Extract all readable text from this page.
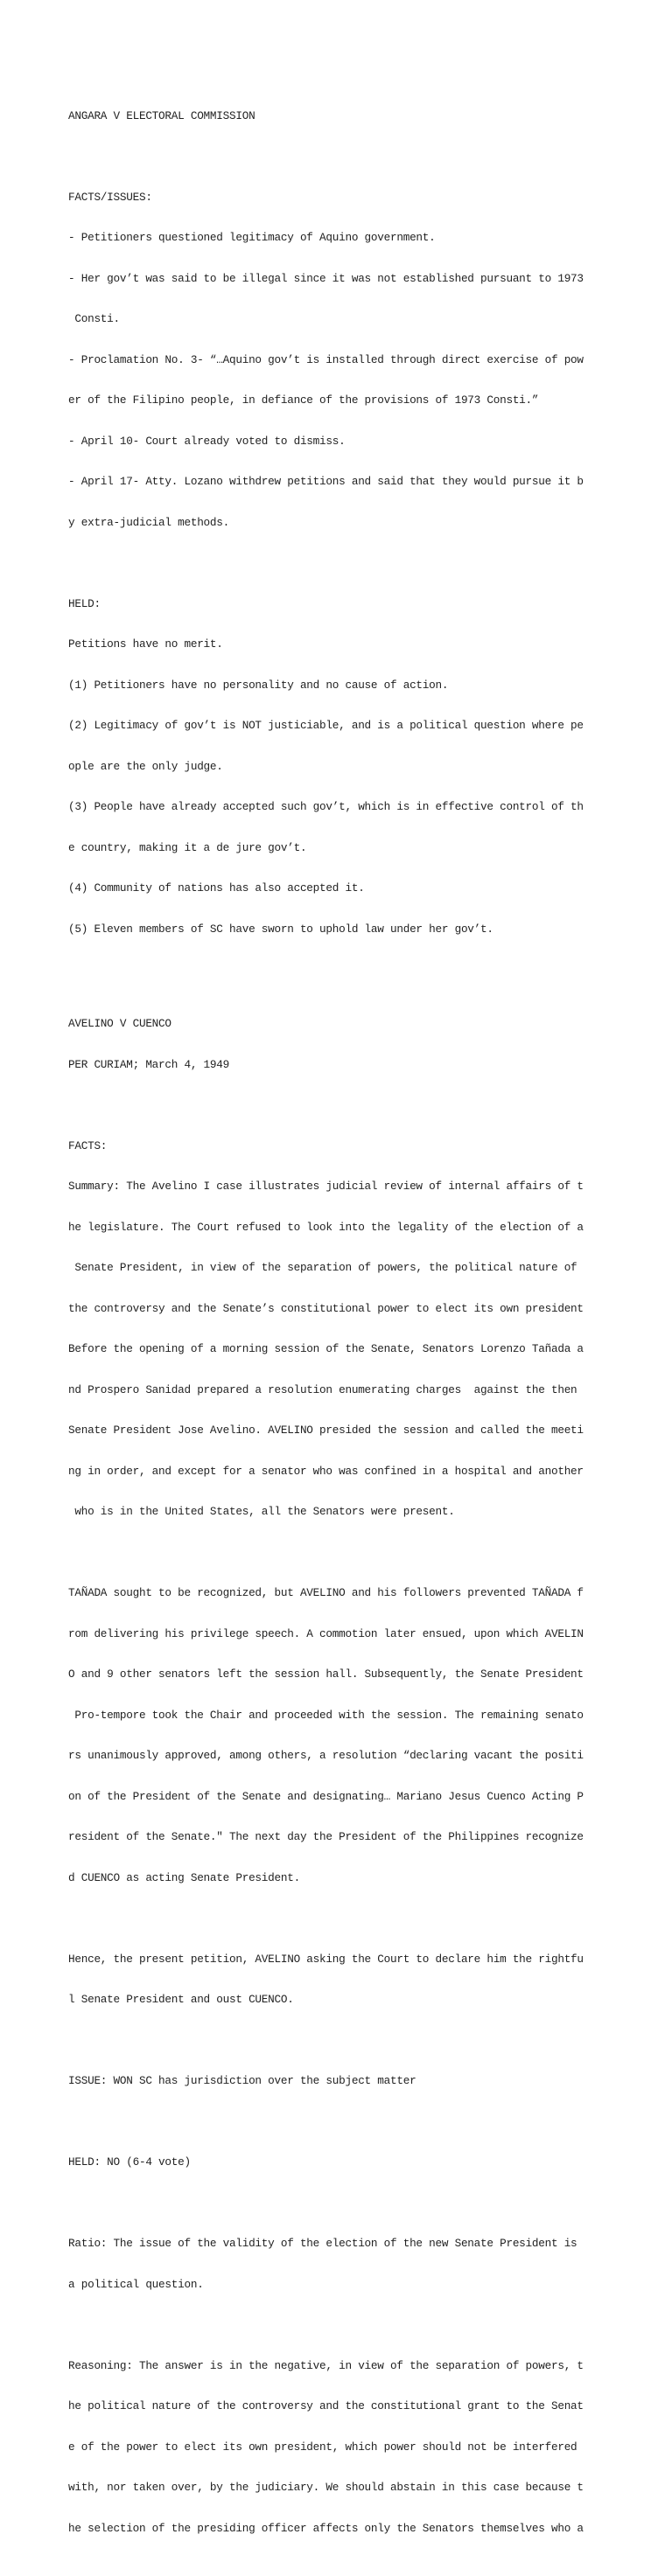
ANGARA V ELECTORAL COMMISSION

FACTS/ISSUES:

- Petitioners questioned legitimacy of Aquino government.

- Her gov’t was said to be illegal since it was not established pursuant to 1973

Consti.

- Proclamation No. 3- “…Aquino gov’t is installed through direct exercise of pow

er of the Filipino people, in defiance of the provisions of 1973 Consti.”

- April 10- Court already voted to dismiss.

- April 17- Atty. Lozano withdrew petitions and said that they would pursue it b

y extra-judicial methods.

HELD:

Petitions have no merit.

(1) Petitioners have no personality and no cause of action.

(2) Legitimacy of gov’t is NOT justiciable, and is a political question where pe

ople are the only judge.

(3) People have already accepted such gov’t, which is in effective control of th

e country, making it a de jure gov’t.

(4) Community of nations has also accepted it.

(5) Eleven members of SC have sworn to uphold law under her gov’t.

AVELINO V CUENCO

PER CURIAM; March 4, 1949

FACTS:

Summary: The Avelino I case illustrates judicial review of internal affairs of t

he legislature. The Court refused to look into the legality of the election of a

Senate President, in view of the separation of powers, the political nature of

the controversy and the Senate’s constitutional power to elect its own president

Before the opening of a morning session of the Senate, Senators Lorenzo Tañada a

nd Prospero Sanidad prepared a resolution enumerating charges  against the then

Senate President Jose Avelino. AVELINO presided the session and called the meeti

ng in order, and except for a senator who was confined in a hospital and another

who is in the United States, all the Senators were present.

TAÑADA sought to be recognized, but AVELINO and his followers prevented TAÑADA f

rom delivering his privilege speech. A commotion later ensued, upon which AVELIN

O and 9 other senators left the session hall. Subsequently, the Senate President

Pro-tempore took the Chair and proceeded with the session. The remaining senato

rs unanimously approved, among others, a resolution “declaring vacant the positi

on of the President of the Senate and designating… Mariano Jesus Cuenco Acting P

resident of the Senate." The next day the President of the Philippines recognize

d CUENCO as acting Senate President.

Hence, the present petition, AVELINO asking the Court to declare him the rightfu

l Senate President and oust CUENCO.

ISSUE: WON SC has jurisdiction over the subject matter

HELD: NO (6-4 vote)

Ratio: The issue of the validity of the election of the new Senate President is

a political question.

Reasoning: The answer is in the negative, in view of the separation of powers, t

he political nature of the controversy and the constitutional grant to the Senat

e of the power to elect its own president, which power should not be interfered

with, nor taken over, by the judiciary. We should abstain in this case because t

he selection of the presiding officer affects only the Senators themselves who a
